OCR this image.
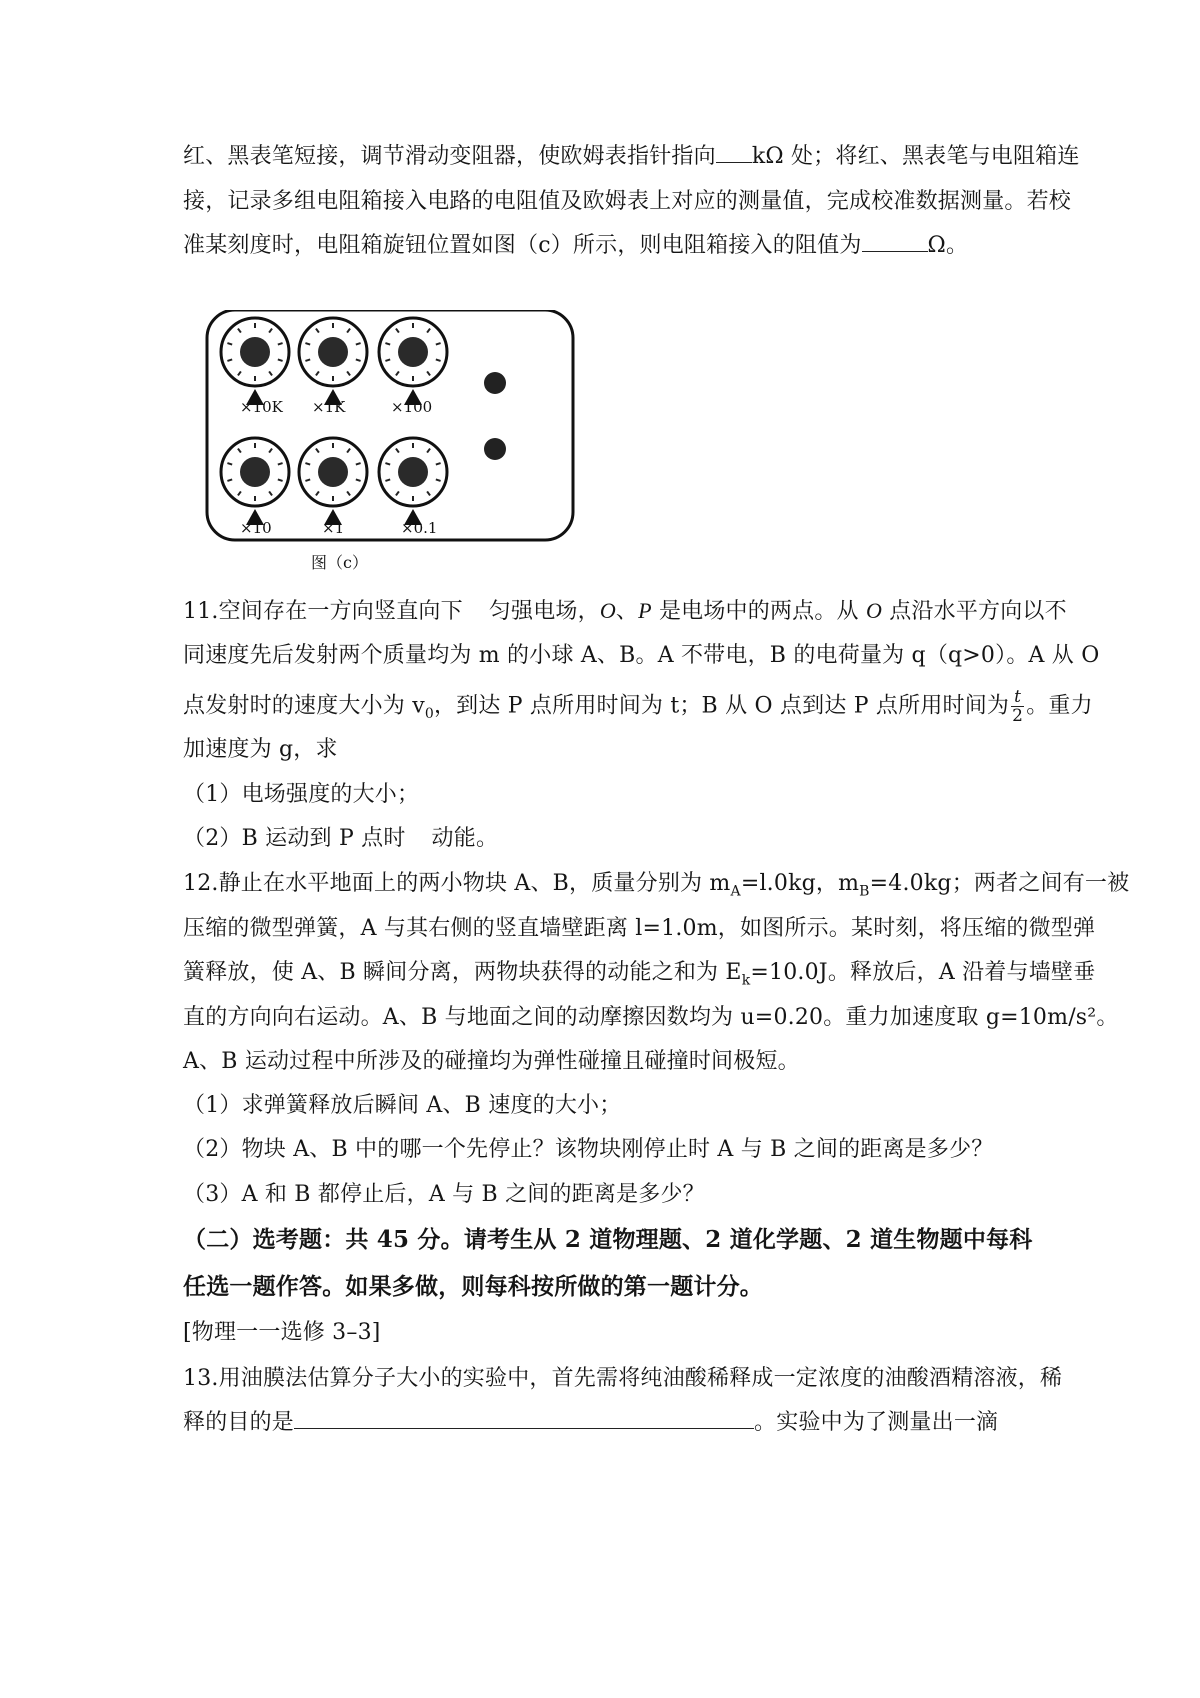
红、黑表笔短接，调节滑动变阻器，使欧姆表指针指向 kΩ 处；将红、黑表笔与电阻箱连
接，记录多组电阻箱接入电路的电阻值及欧姆表上对应的测量值，完成校准数据测量。若校
准某刻度时，电阻箱旋钮位置如图（c）所示，则电阻箱接入的阻值为	Ω。
×10K ×1K	×100
×10	×1	×0.1
图（c）
11.空间存在一方向竖直向下 匀强电场，O、P 是电场中的两点。从 O 点沿水平方向以不
同速度先后发射两个质量均为 m 的小球 A、B。A 不带电，B 的电荷量为 q（q>0）。A 从 O
点发射时的速度大小为 $v_0$，到达 P 点所用时间为 t；B 从 O 点到达 P 点所用时间为 $\frac{t}{2}$ 。重力
加速度为 g，求
（1）电场强度的大小；
（2）B 运动到 P 点时 动能。
12.静止在水平地面上的两小物块 A、B，质量分别为 $m_A=l.0kg$，$m_B=4.0kg$；两者之间有一被
压缩的微型弹簧，A 与其右侧的竖直墙壁距离 l=1.0m，如图所示。某时刻，将压缩的微型弹
簧释放，使 A、B 瞬间分离，两物块获得的动能之和为 $E_k=10.0J$。释放后，A 沿着与墙壁垂
直的方向向右运动。A、B 与地面之间的动摩擦因数均为 u=0.20。重力加速度取 g=10m/s²。
A、B 运动过程中所涉及的碰撞均为弹性碰撞且碰撞时间极短。
（1）求弹簧释放后瞬间 A、B 速度的大小；
（2）物块 A、B 中的哪一个先停止？该物块刚停止时 A 与 B 之间的距离是多少？
（3）A 和 B 都停止后，A 与 B 之间的距离是多少？
（二）选考题：共 45 分。请考生从 2 道物理题、2 道化学题、2 道生物题中每科
任选一题作答。如果多做，则每科按所做的第一题计分。
[物理一一选修 3–3]
13.用油膜法估算分子大小的实验中，首先需将纯油酸稀释成一定浓度的油酸酒精溶液，稀
释的目的是	。实验中为了测量出一滴
